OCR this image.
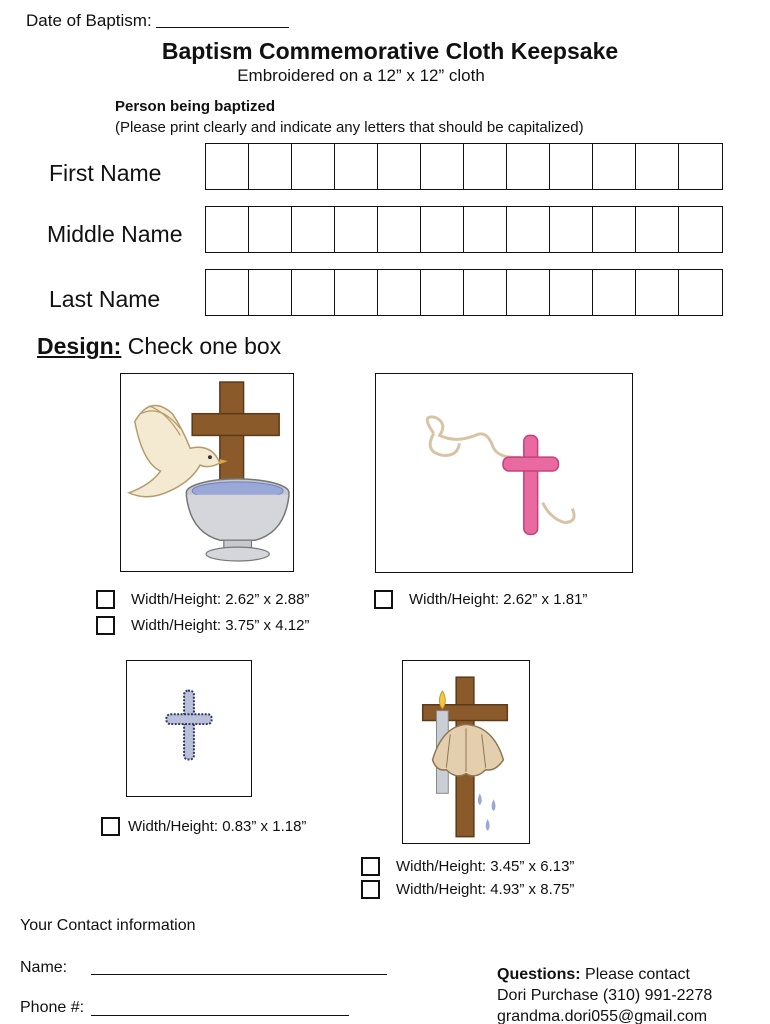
Date of Baptism:
Baptism Commemorative Cloth Keepsake
Embroidered on a 12” x 12” cloth
Person being baptized
(Please print clearly and indicate any letters that should be capitalized)
First Name
Middle Name
Last Name
Design: Check one box
Width/Height: 2.62” x 2.88”
Width/Height: 3.75” x 4.12”
Width/Height: 2.62” x 1.81”
Width/Height: 0.83” x 1.18”
Width/Height: 3.45” x 6.13”
Width/Height: 4.93” x 8.75”
Your Contact information
Name:
Phone #:
Questions: Please contact
Dori Purchase (310) 991-2278
grandma.dori055@gmail.com
